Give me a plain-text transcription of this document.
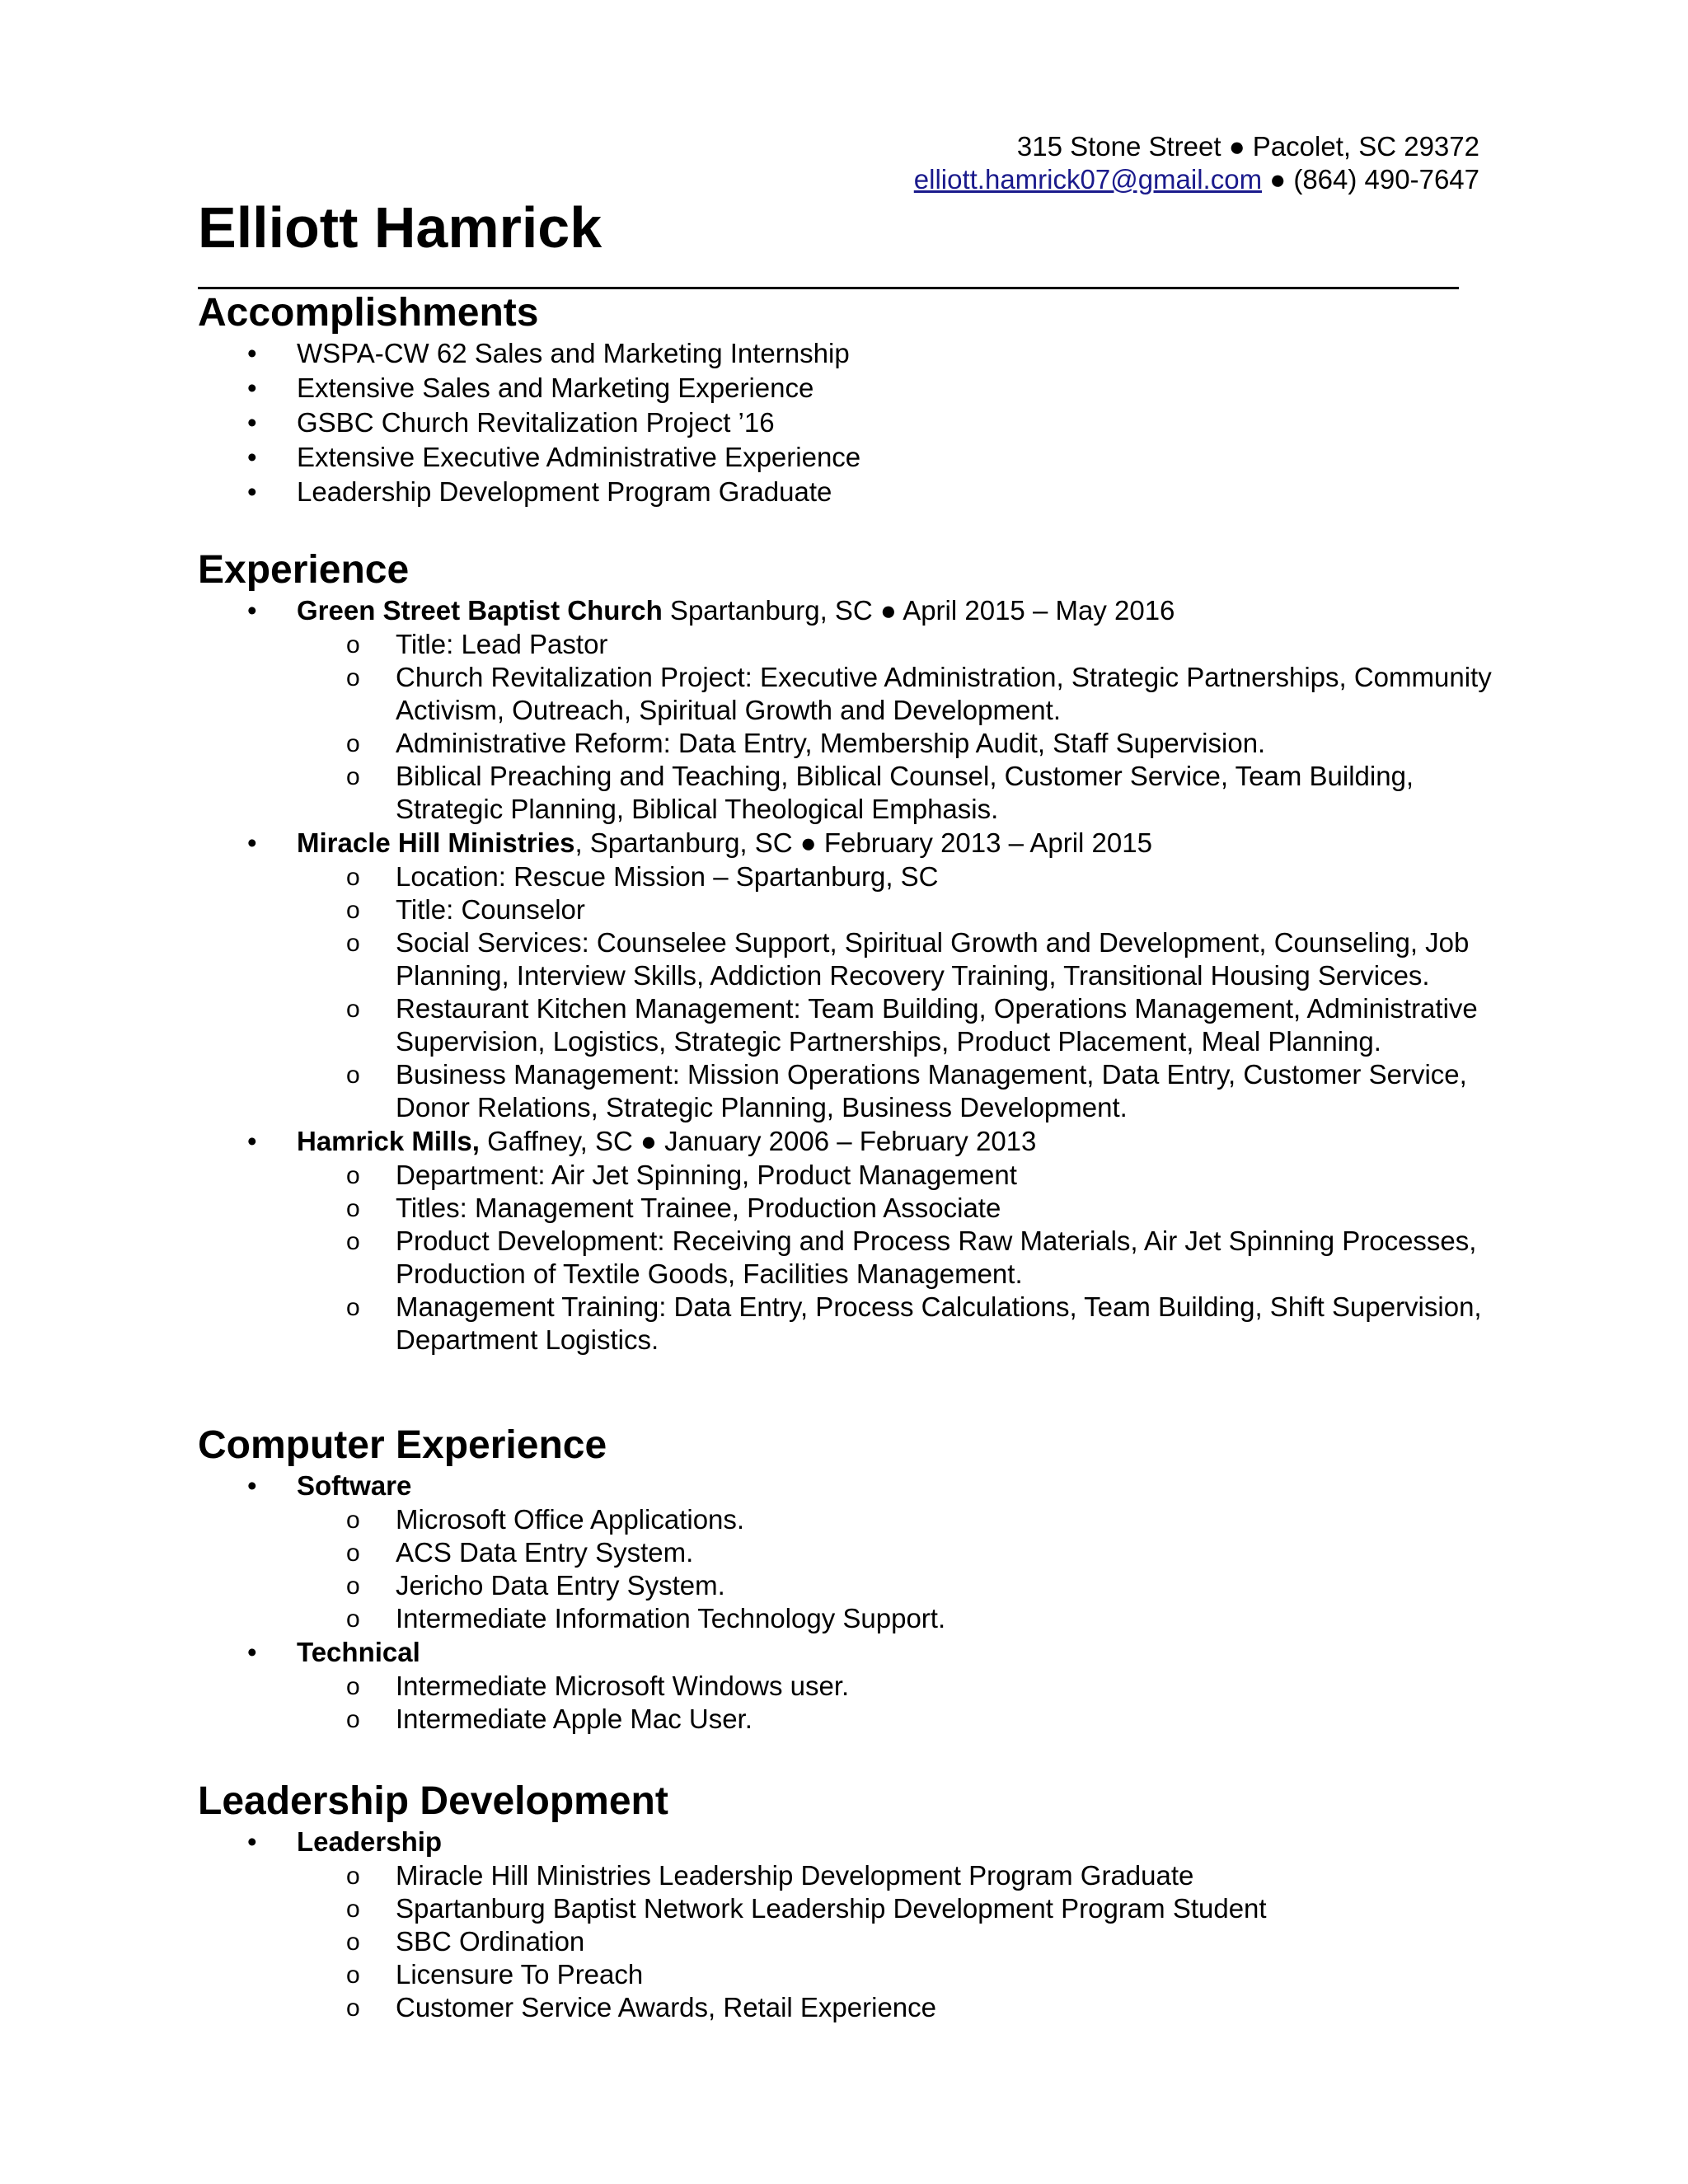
315 Stone Street ● Pacolet, SC 29372
elliott.hamrick07@gmail.com ● (864) 490-7647
Elliott Hamrick
Accomplishments
• WSPA-CW 62 Sales and Marketing Internship
• Extensive Sales and Marketing Experience
• GSBC Church Revitalization Project ’16
• Extensive Executive Administrative Experience
• Leadership Development Program Graduate
Experience
• Green Street Baptist Church Spartanburg, SC ● April 2015 – May 2016
o Title: Lead Pastor
o Church Revitalization Project: Executive Administration, Strategic Partnerships, Community Activism, Outreach, Spiritual Growth and Development.
o Administrative Reform: Data Entry, Membership Audit, Staff Supervision.
o Biblical Preaching and Teaching, Biblical Counsel, Customer Service, Team Building, Strategic Planning, Biblical Theological Emphasis.
• Miracle Hill Ministries, Spartanburg, SC ● February 2013 – April 2015
o Location: Rescue Mission – Spartanburg, SC
o Title: Counselor
o Social Services: Counselee Support, Spiritual Growth and Development, Counseling, Job Planning, Interview Skills, Addiction Recovery Training, Transitional Housing Services.
o Restaurant Kitchen Management: Team Building, Operations Management, Administrative Supervision, Logistics, Strategic Partnerships, Product Placement, Meal Planning.
o Business Management: Mission Operations Management, Data Entry, Customer Service, Donor Relations, Strategic Planning, Business Development.
• Hamrick Mills, Gaffney, SC ● January 2006 – February 2013
o Department: Air Jet Spinning, Product Management
o Titles: Management Trainee, Production Associate
o Product Development: Receiving and Process Raw Materials, Air Jet Spinning Processes, Production of Textile Goods, Facilities Management.
o Management Training: Data Entry, Process Calculations, Team Building, Shift Supervision, Department Logistics.
Computer Experience
• Software
o Microsoft Office Applications.
o ACS Data Entry System.
o Jericho Data Entry System.
o Intermediate Information Technology Support.
• Technical
o Intermediate Microsoft Windows user.
o Intermediate Apple Mac User.
Leadership Development
• Leadership
o Miracle Hill Ministries Leadership Development Program Graduate
o Spartanburg Baptist Network Leadership Development Program Student
o SBC Ordination
o Licensure To Preach
o Customer Service Awards, Retail Experience
